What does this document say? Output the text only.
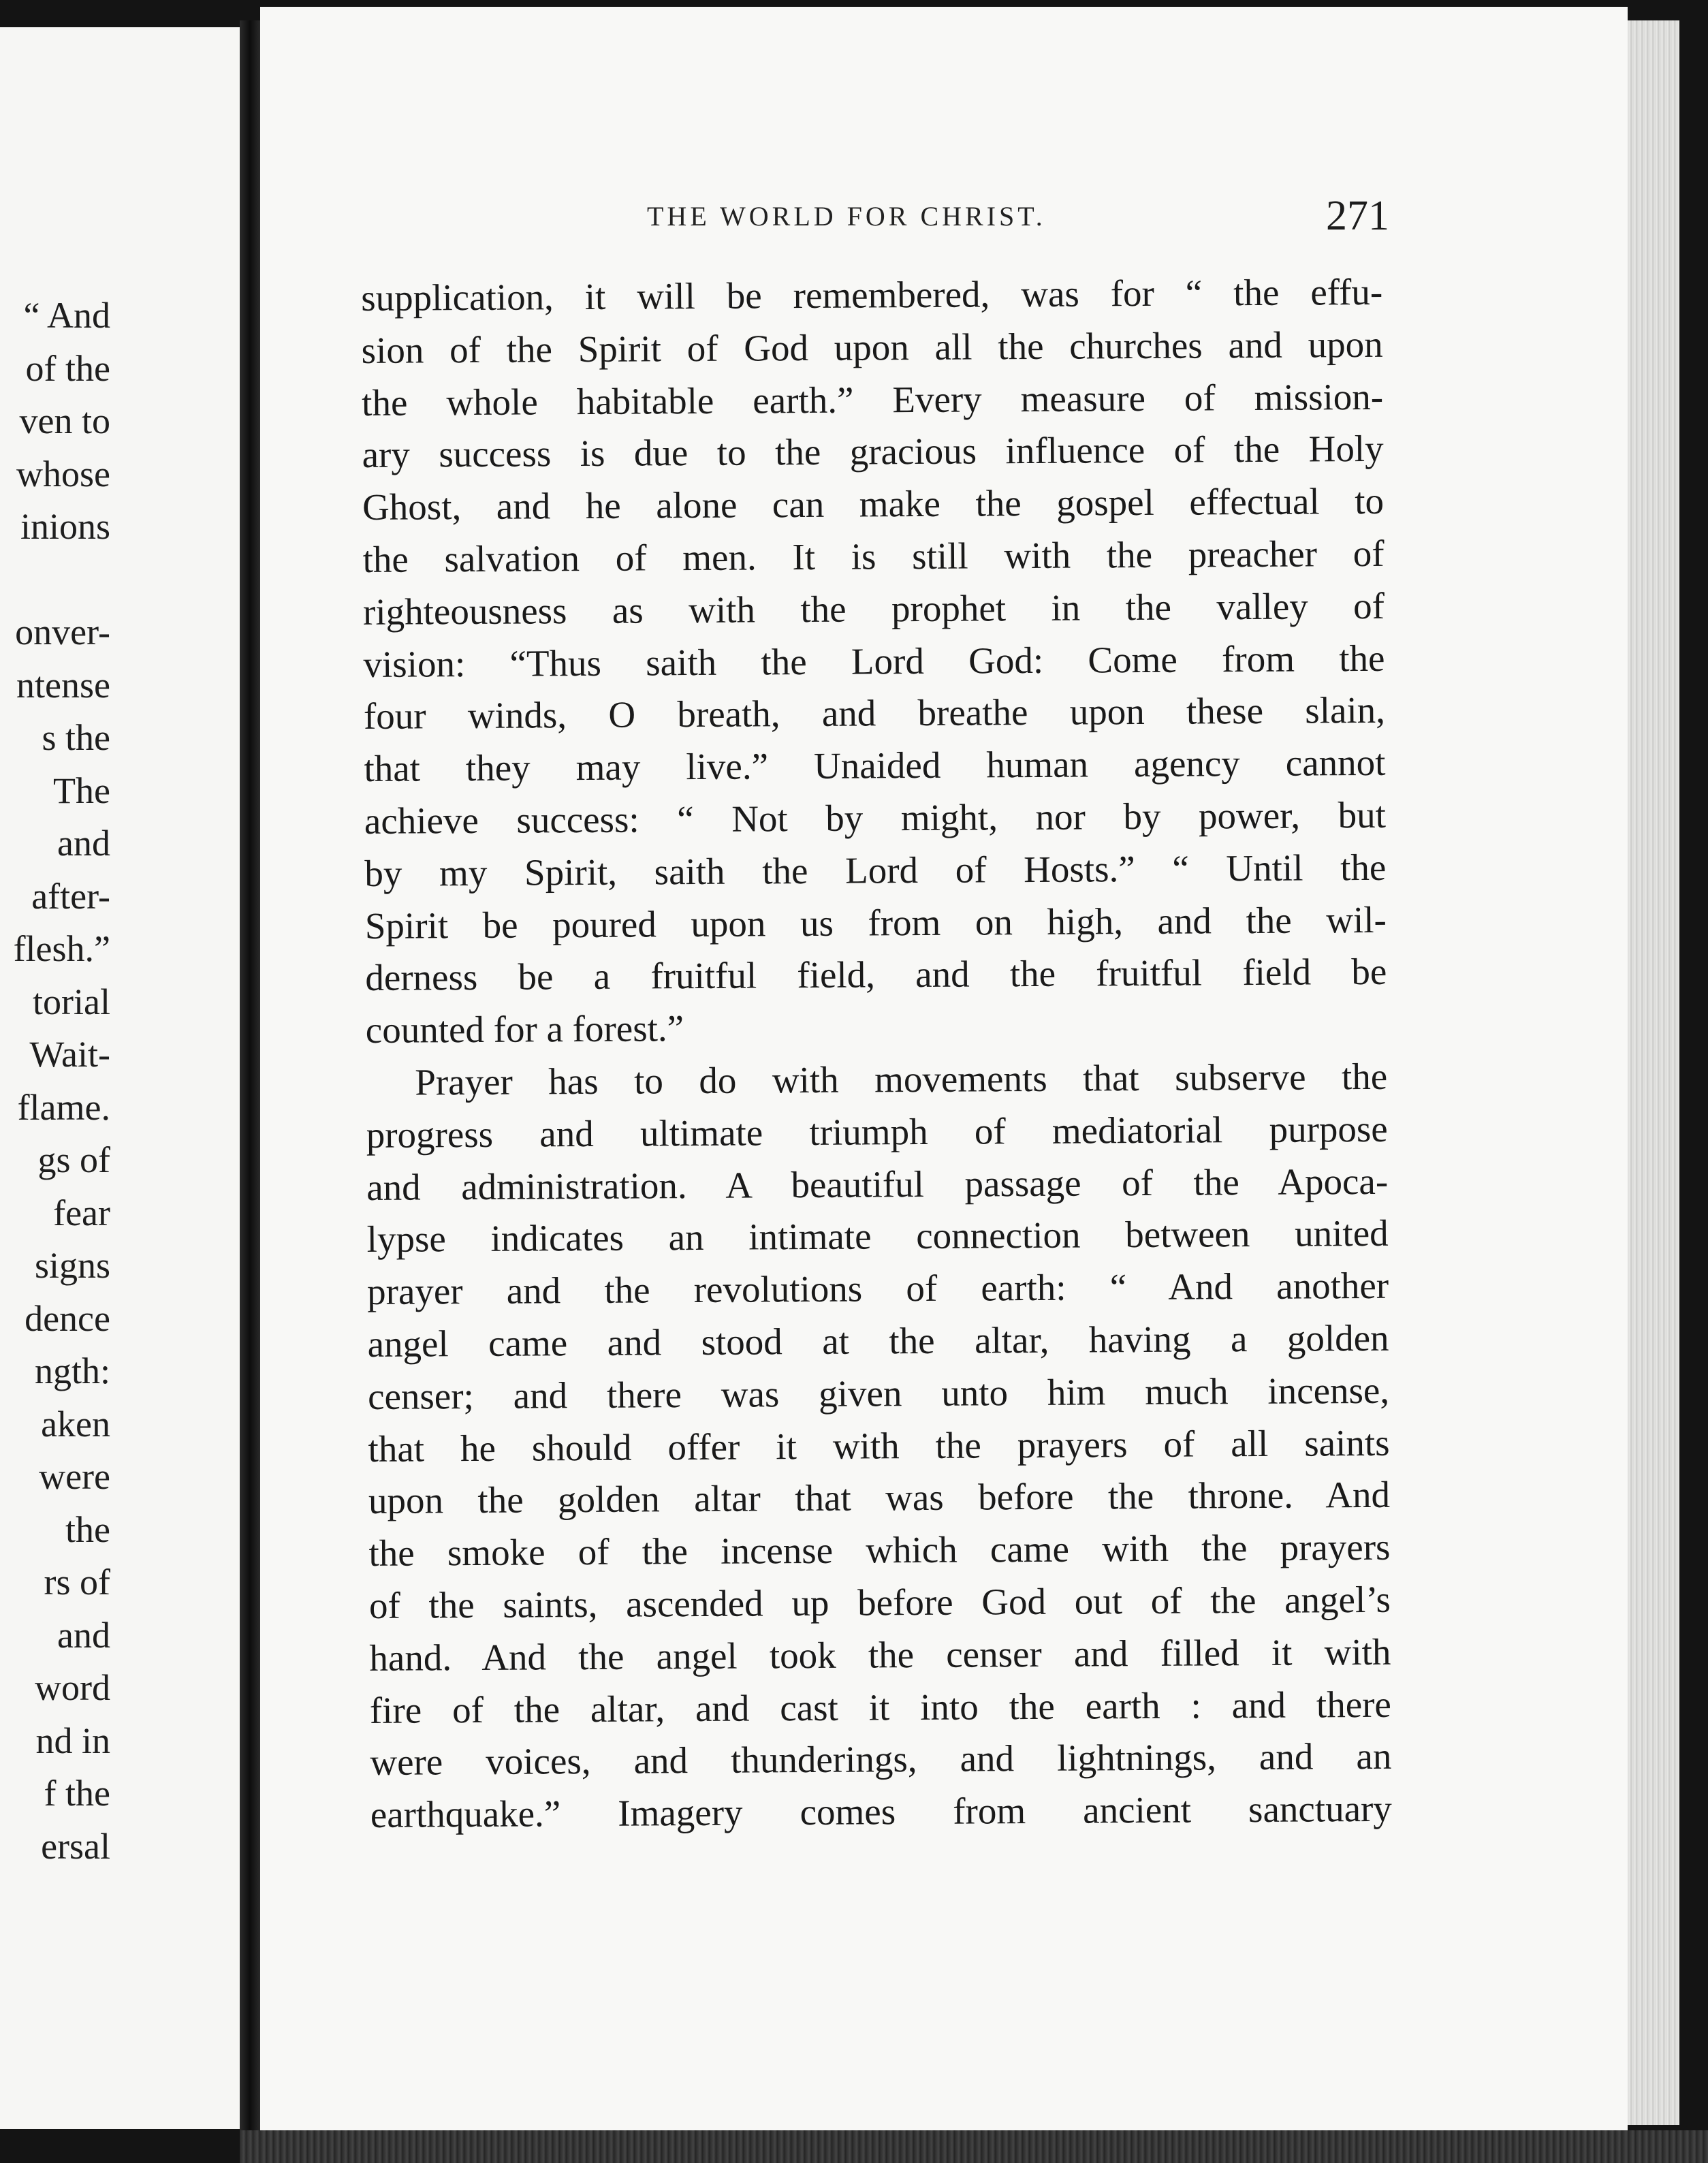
“ And
of the
ven to
whose
inions
onver-
ntense
s the
The
and
after-
flesh.”
torial
Wait-
flame.
gs of
fear
signs
dence
ngth:
aken
were
the
rs of
and
word
nd in
f the
ersal
THE WORLD FOR CHRIST.	271
supplication, it will be remembered, was for “ the effu-
sion of the Spirit of God upon all the churches and upon
the whole habitable earth.” Every measure of mission-
ary success is due to the gracious influence of the Holy
Ghost, and he alone can make the gospel effectual to
the salvation of men. It is still with the preacher of
righteousness as with the prophet in the valley of
vision: “Thus saith the Lord God: Come from the
four winds, O breath, and breathe upon these slain,
that they may live.” Unaided human agency cannot
achieve success: “ Not by might, nor by power, but
by my Spirit, saith the Lord of Hosts.” “ Until the
Spirit be poured upon us from on high, and the wil-
derness be a fruitful field, and the fruitful field be
counted for a forest.”
Prayer has to do with movements that subserve the
progress and ultimate triumph of mediatorial purpose
and administration. A beautiful passage of the Apoca-
lypse indicates an intimate connection between united
prayer and the revolutions of earth: “ And another
angel came and stood at the altar, having a golden
censer; and there was given unto him much incense,
that he should offer it with the prayers of all saints
upon the golden altar that was before the throne. And
the smoke of the incense which came with the prayers
of the saints, ascended up before God out of the angel’s
hand. And the angel took the censer and filled it with
fire of the altar, and cast it into the earth : and there
were voices, and thunderings, and lightnings, and an
earthquake.” Imagery comes from ancient sanctuary
